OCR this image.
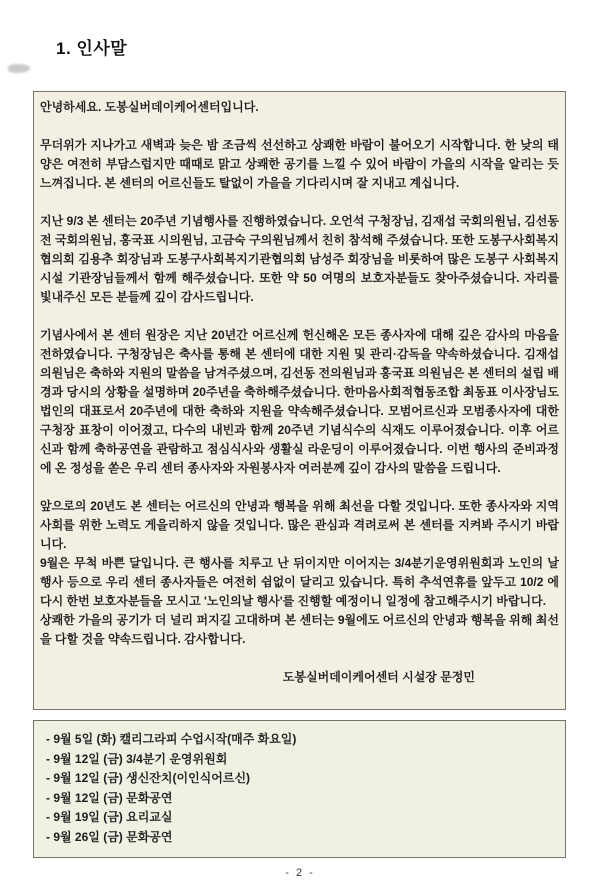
1. 인사말

안녕하세요. 도봉실버데이케어센터입니다.

무더위가 지나가고 새벽과 늦은 밤 조금씩 선선하고 상쾌한 바람이 불어오기 시작합니다. 한 낮의 태양은 여전히 부담스럽지만 때때로 맑고 상쾌한 공기를 느낄 수 있어 바람이 가을의 시작을 알리는 듯 느껴집니다. 본 센터의 어르신들도 탈없이 가을을 기다리시며 잘 지내고 계십니다.

지난 9/3 본 센터는 20주년 기념행사를 진행하였습니다. 오언석 구청장님, 김재섭 국회의원님, 김선동 전 국회의원님, 홍국표 시의원님, 고금숙 구의원님께서 친히 참석해 주셨습니다. 또한 도봉구사회복지협의회 김용추 회장님과 도봉구사회복지기관협의회 남성주 회장님을 비롯하여 많은 도봉구 사회복지시설 기관장님들께서 함께 해주셨습니다. 또한 약 50 여명의 보호자분들도 찾아주셨습니다. 자리를 빛내주신 모든 분들께 깊이 감사드립니다.

기념사에서 본 센터 원장은 지난 20년간 어르신께 헌신해온 모든 종사자에 대해 깊은 감사의 마음을 전하였습니다. 구청장님은 축사를 통해 본 센터에 대한 지원 및 관리·감독을 약속하셨습니다. 김재섭 의원님은 축하와 지원의 말씀을 남겨주셨으며, 김선동 전의원님과 홍국표 의원님은 본 센터의 설립 배경과 당시의 상황을 설명하며 20주년을 축하해주셨습니다. 한마음사회적협동조합 최동표 이사장님도 법인의 대표로서 20주년에 대한 축하와 지원을 약속해주셨습니다. 모범어르신과 모범종사자에 대한 구청장 표창이 이어졌고, 다수의 내빈과 함께 20주년 기념식수의 식재도 이루어졌습니다. 이후 어르신과 함께 축하공연을 관람하고 점심식사와 생활실 라운딩이 이루어졌습니다. 이번 행사의 준비과정에 온 정성을 쏟은 우리 센터 종사자와 자원봉사자 여러분께 깊이 감사의 말씀을 드립니다.

앞으로의 20년도 본 센터는 어르신의 안녕과 행복을 위해 최선을 다할 것입니다. 또한 종사자와 지역사회를 위한 노력도 게을리하지 않을 것입니다. 많은 관심과 격려로써 본 센터를 지켜봐 주시기 바랍니다.

9월은 무척 바쁜 달입니다. 큰 행사를 치루고 난 뒤이지만 이어지는 3/4분기운영위원회과 노인의 날 행사 등으로 우리 센터 종사자들은 여전히 쉼없이 달리고 있습니다. 특히 추석연휴를 앞두고 10/2 에 다시 한번 보호자분들을 모시고 '노인의날 행사'를 진행할 예정이니 일정에 참고해주시기 바랍니다.

상쾌한 가을의 공기가 더 널리 퍼지길 고대하며 본 센터는 9월에도 어르신의 안녕과 행복을 위해 최선을 다할 것을 약속드립니다. 감사합니다.

도봉실버데이케어센터 시설장 문정민

- 9월 5일 (화) 캘리그라피 수업시작(매주 화요일)
- 9월 12일 (금) 3/4분기 운영위원회
- 9월 12일 (금) 생신잔치(이인식어르신)
- 9월 12일 (금) 문화공연
- 9월 19일 (금) 요리교실
- 9월 26일 (금) 문화공연
- 2 -
